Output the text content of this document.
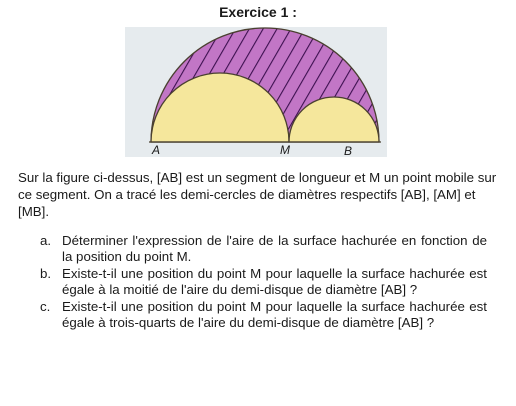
Exercice 1 :
A	M	B
Sur la figure ci-dessus, [AB] est un segment de longueur et M un point mobile sur ce segment. On a tracé les demi-cercles de diamètres respectifs [AB], [AM] et [MB].
a. Déterminer l'expression de l'aire de la surface hachurée en fonction de la position du point M.
b. Existe-t-il une position du point M pour laquelle la surface hachurée est égale à la moitié de l'aire du demi-disque de diamètre [AB] ?
c. Existe-t-il une position du point M pour laquelle la surface hachurée est égale à trois-quarts de l'aire du demi-disque de diamètre [AB] ?
